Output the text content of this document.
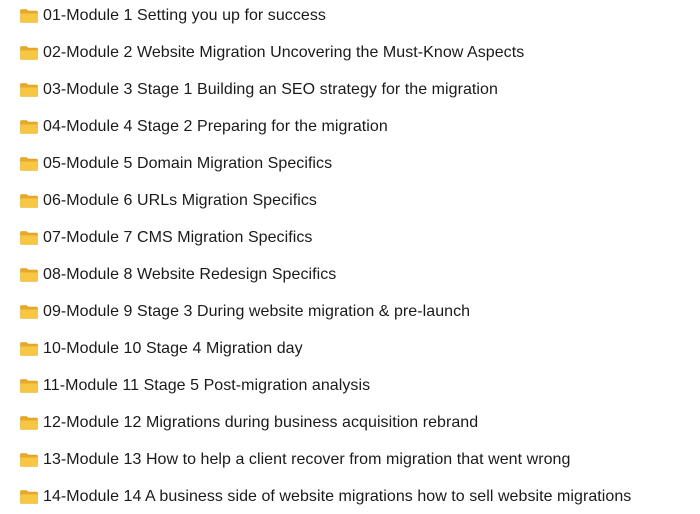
01-Module 1 Setting you up for success
02-Module 2 Website Migration Uncovering the Must-Know Aspects
03-Module 3 Stage 1 Building an SEO strategy for the migration
04-Module 4 Stage 2 Preparing for the migration
05-Module 5 Domain Migration Specifics
06-Module 6 URLs Migration Specifics
07-Module 7 CMS Migration Specifics
08-Module 8 Website Redesign Specifics
09-Module 9 Stage 3 During website migration & pre-launch
10-Module 10 Stage 4 Migration day
11-Module 11 Stage 5 Post-migration analysis
12-Module 12 Migrations during business acquisition rebrand
13-Module 13 How to help a client recover from migration that went wrong
14-Module 14 A business side of website migrations how to sell website migrations
